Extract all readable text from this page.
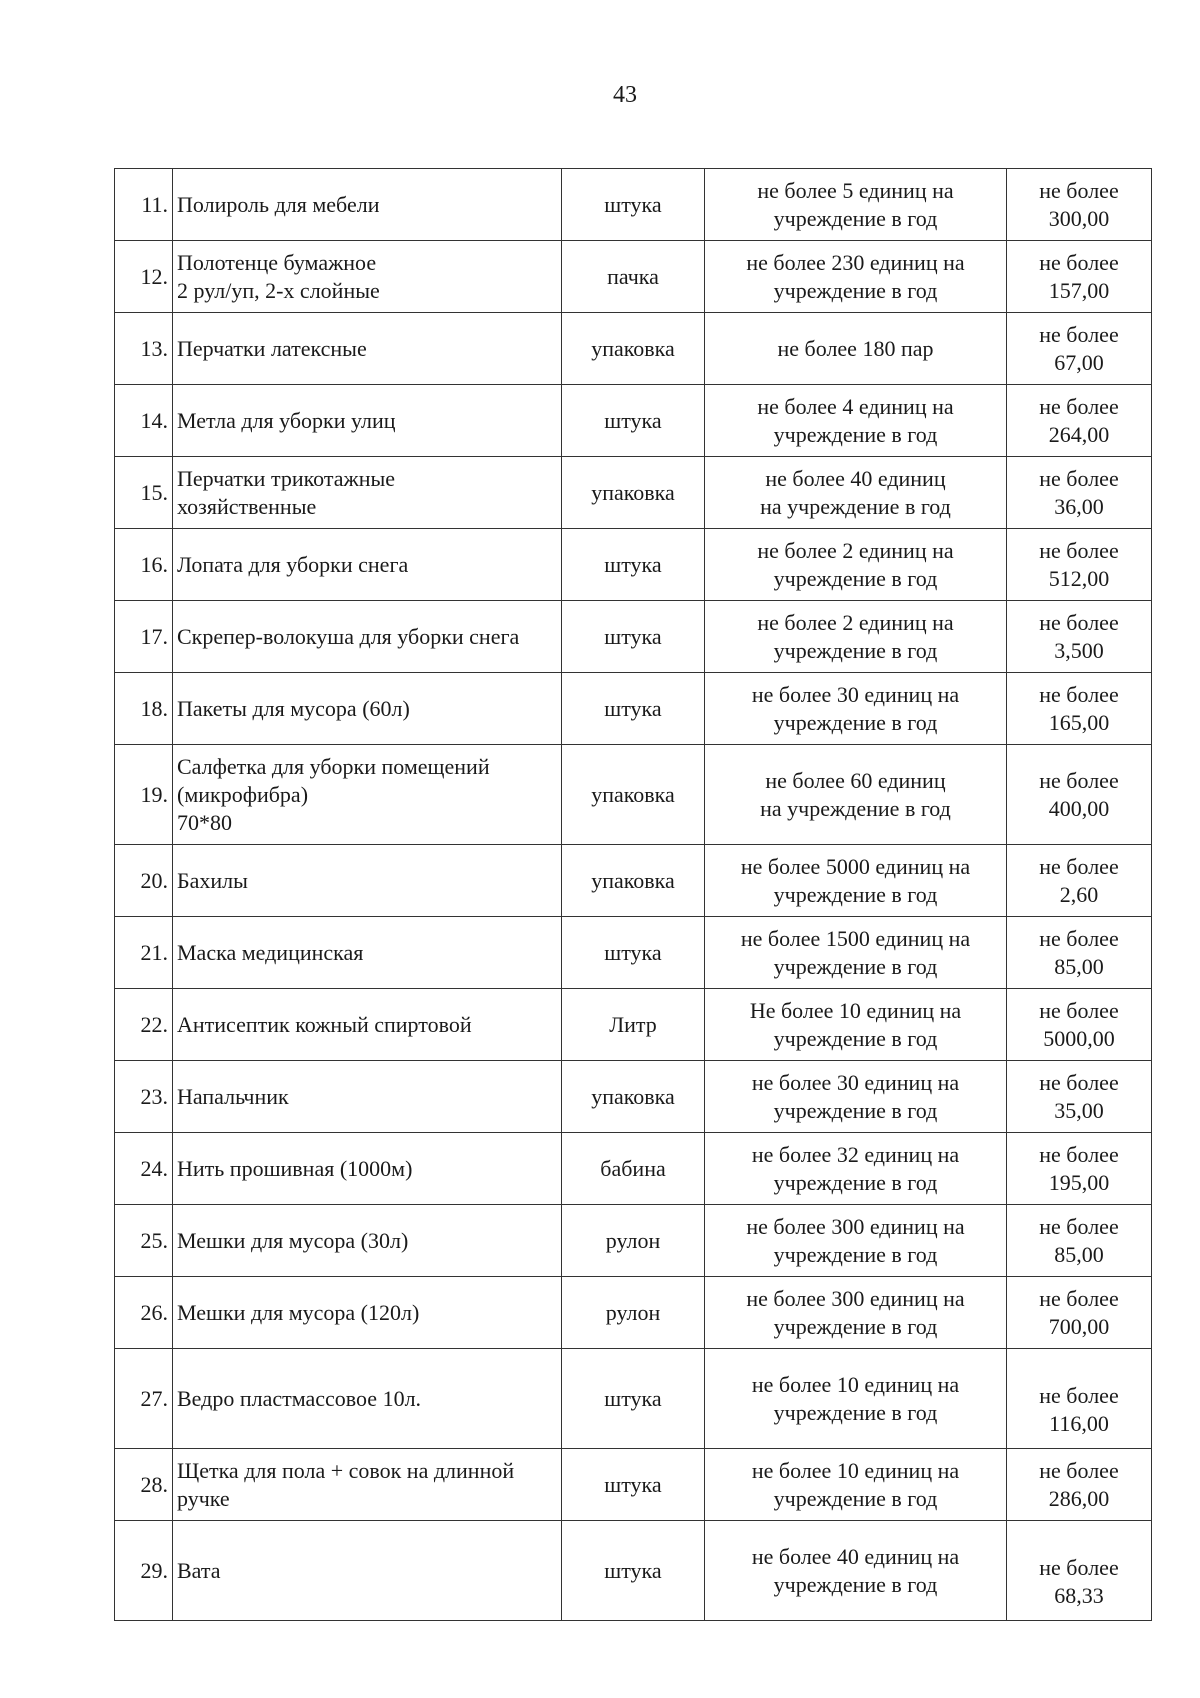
43
11.	Полироль для мебели	штука	не более 5 единиц на
учреждение в год	не более
300,00
12.	Полотенце бумажное
2 рул/уп, 2-х слойные	пачка	не более 230 единиц на
учреждение в год	не более
157,00
13.	Перчатки латексные	упаковка	не более 180 пар	не более
67,00
14.	Метла для уборки улиц	штука	не более 4 единиц на
учреждение в год	не более
264,00
15.	Перчатки трикотажные
хозяйственные	упаковка	не более 40 единиц
на учреждение в год	не более
36,00
16.	Лопата для уборки снега	штука	не более 2 единиц на
учреждение в год	не более
512,00
17.	Скрепер-волокуша для уборки снега	штука	не более 2 единиц на
учреждение в год	не более
3,500
18.	Пакеты для мусора (60л)	штука	не более 30 единиц на
учреждение в год	не более
165,00
19.	Салфетка для уборки помещений
(микрофибра)
70*80	упаковка	не более 60 единиц
на учреждение в год	не более
400,00
20.	Бахилы	упаковка	не более 5000 единиц на
учреждение в год	не более
2,60
21.	Маска медицинская	штука	не более 1500 единиц на
учреждение в год	не более
85,00
22.	Антисептик кожный спиртовой	Литр	Не более 10 единиц на
учреждение в год	не более
5000,00
23.	Напальчник	упаковка	не более 30 единиц на
учреждение в год	не более
35,00
24.	Нить прошивная (1000м)	бабина	не более 32 единиц на
учреждение в год	не более
195,00
25.	Мешки для мусора (30л)	рулон	не более 300 единиц на
учреждение в год	не более
85,00
26.	Мешки для мусора (120л)	рулон	не более 300 единиц на
учреждение в год	не более
700,00
27.	Ведро пластмассовое 10л.	штука	не более 10 единиц на
учреждение в год	не более
116,00

28.	Щетка для пола + совок на длинной
ручке	штука	не более 10 единиц на
учреждение в год	не более
286,00
29.	Вата	штука	не более 40 единиц на
учреждение в год	не более
68,33
